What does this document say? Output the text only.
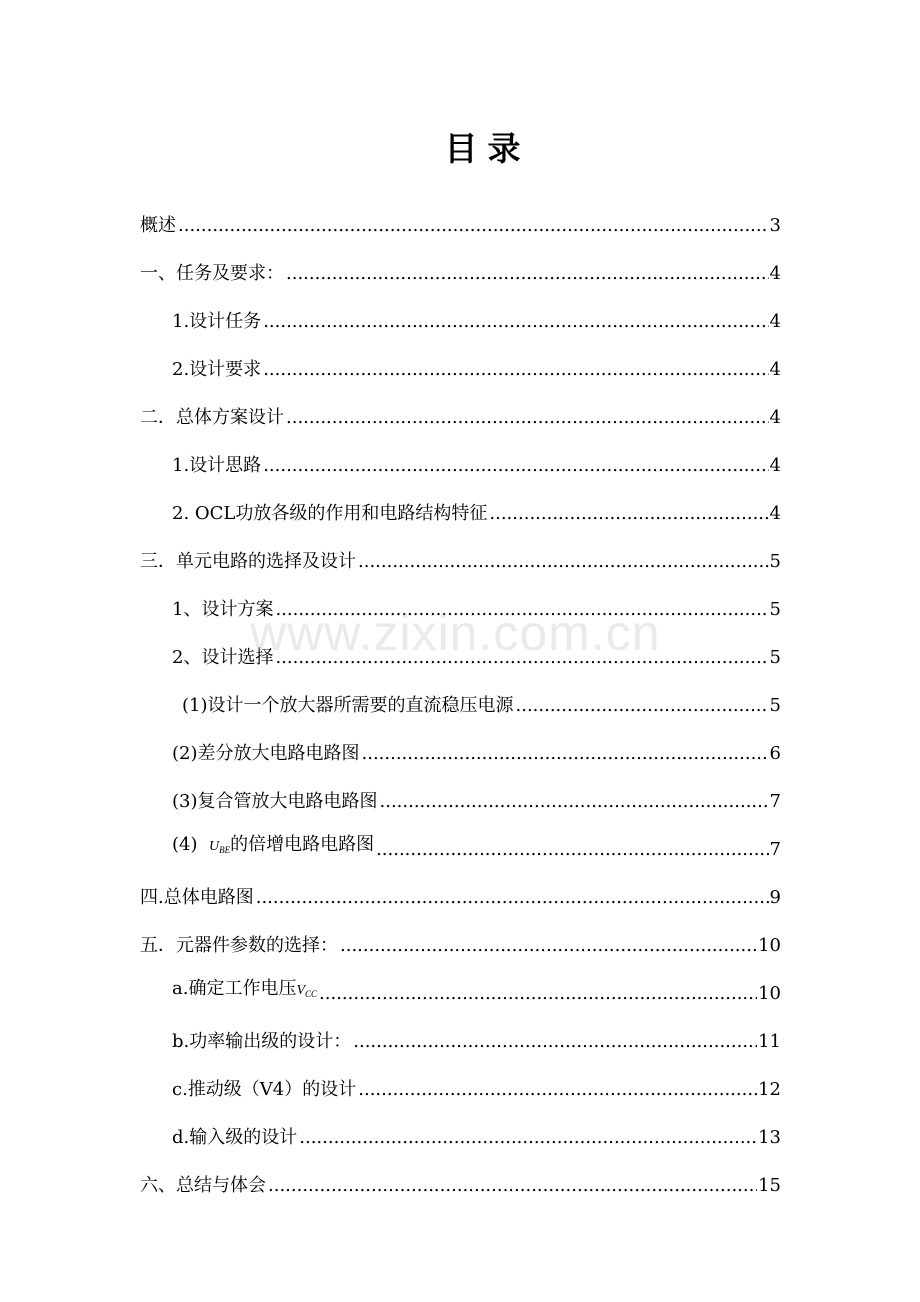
目录
概述 .....	3
一、任务及要求： .....	4
1.设计任务 .....	4
2.设计要求 .....	4
二．总体方案设计 .....	4
1.设计思路 .....	4
2. OCL功放各级的作用和电路结构特征 .....	4
三．单元电路的选择及设计 .....	5
1、设计方案 .....	5
2、设计选择 .....	5
(1)设计一个放大器所需要的直流稳压电源 .....	5
(2)差分放大电路电路图 .....	6
(3)复合管放大电路电路图 .....	7
(4)  $U_{BE}$的倍增电路电路图 .....	7
四.总体电路图 .....	9
五．元器件参数的选择： .....	10
a.确定工作电压$V_{CC}$ .....	10
b.功率输出级的设计： .....	11
c.推动级（V4）的设计 .....	12
d.输入级的设计 .....	13
六、总结与体会 .....	15
www.zixin.com.cn
